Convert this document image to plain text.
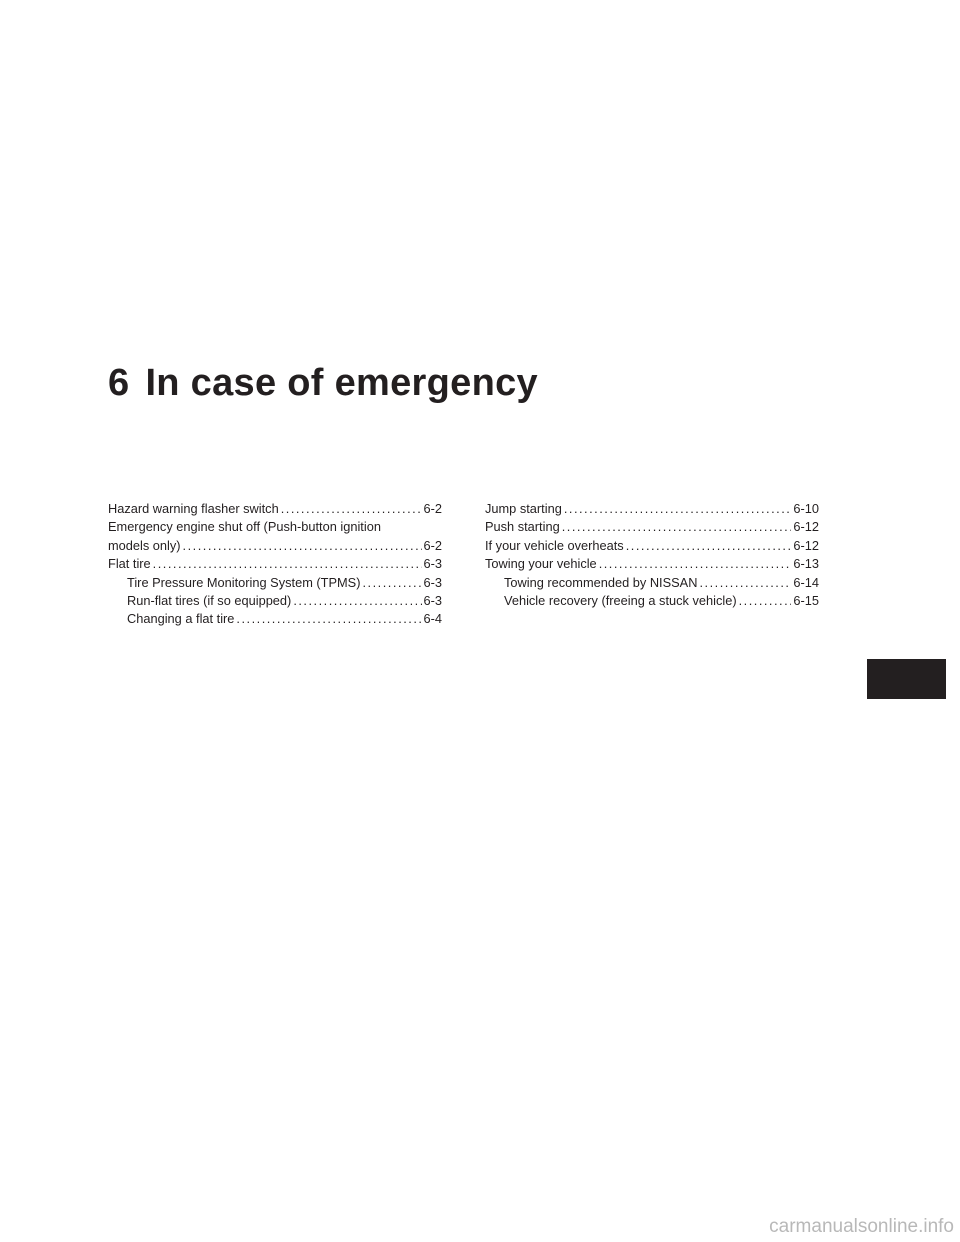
6 In case of emergency
Hazard warning flasher switch .....	6-2
Emergency engine shut off (Push-button ignition
models only) .....	6-2
Flat tire .....	6-3
Tire Pressure Monitoring System (TPMS) .....	6-3
Run-flat tires (if so equipped) .....	6-3
Changing a flat tire .....	6-4
Jump starting .....	6-10
Push starting .....	6-12
If your vehicle overheats .....	6-12
Towing your vehicle .....	6-13
Towing recommended by NISSAN .....	6-14
Vehicle recovery (freeing a stuck vehicle) .....	6-15
carmanualsonline.info
